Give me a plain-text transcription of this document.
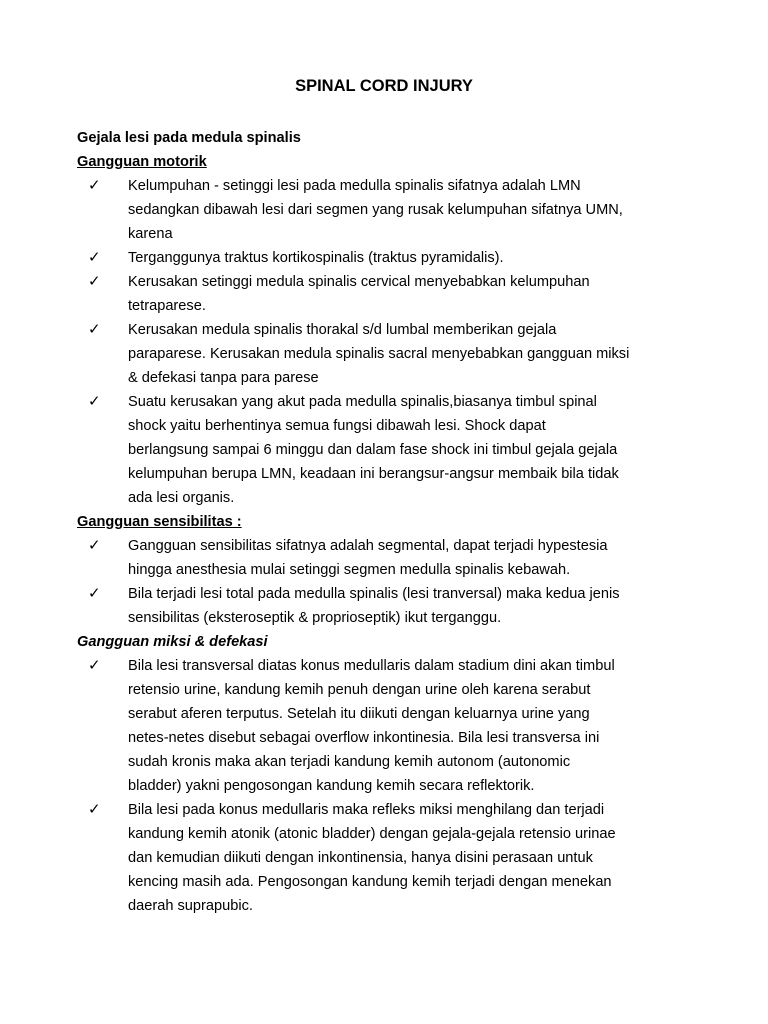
SPINAL CORD INJURY
Gejala lesi pada medula spinalis
Gangguan motorik
✓	Kelumpuhan - setinggi lesi pada medulla spinalis sifatnya adalah LMN
sedangkan dibawah lesi dari segmen yang rusak kelumpuhan sifatnya UMN,
karena
✓	Terganggunya traktus kortikospinalis (traktus pyramidalis).
✓	Kerusakan setinggi medula spinalis cervical menyebabkan kelumpuhan
tetraparese.
✓	Kerusakan medula spinalis thorakal s/d lumbal memberikan gejala
paraparese. Kerusakan medula spinalis sacral menyebabkan gangguan miksi
& defekasi tanpa para parese
✓	Suatu kerusakan yang akut pada medulla spinalis,biasanya timbul spinal
shock yaitu berhentinya semua fungsi dibawah lesi. Shock dapat
berlangsung sampai 6 minggu dan dalam fase shock ini timbul gejala gejala
kelumpuhan berupa LMN, keadaan ini berangsur-angsur membaik bila tidak
ada lesi organis.
Gangguan sensibilitas :
✓	Gangguan sensibilitas sifatnya adalah segmental, dapat terjadi hypestesia
hingga anesthesia mulai setinggi segmen medulla spinalis kebawah.
✓	Bila terjadi lesi total pada medulla spinalis (lesi tranversal) maka kedua jenis
sensibilitas (eksteroseptik & proprioseptik) ikut terganggu.
Gangguan miksi & defekasi
✓	Bila lesi transversal diatas konus medullaris dalam stadium dini akan timbul
retensio urine, kandung kemih penuh dengan urine oleh karena serabut
serabut aferen terputus. Setelah itu diikuti dengan keluarnya urine yang
netes-netes disebut sebagai overflow inkontinesia. Bila lesi transversa ini
sudah kronis maka akan terjadi kandung kemih autonom (autonomic
bladder) yakni pengosongan kandung kemih secara reflektorik.
✓	Bila lesi pada konus medullaris maka refleks miksi menghilang dan terjadi
kandung kemih atonik (atonic bladder) dengan gejala-gejala retensio urinae
dan kemudian diikuti dengan inkontinensia, hanya disini perasaan untuk
kencing masih ada. Pengosongan kandung kemih terjadi dengan menekan
daerah suprapubic.
